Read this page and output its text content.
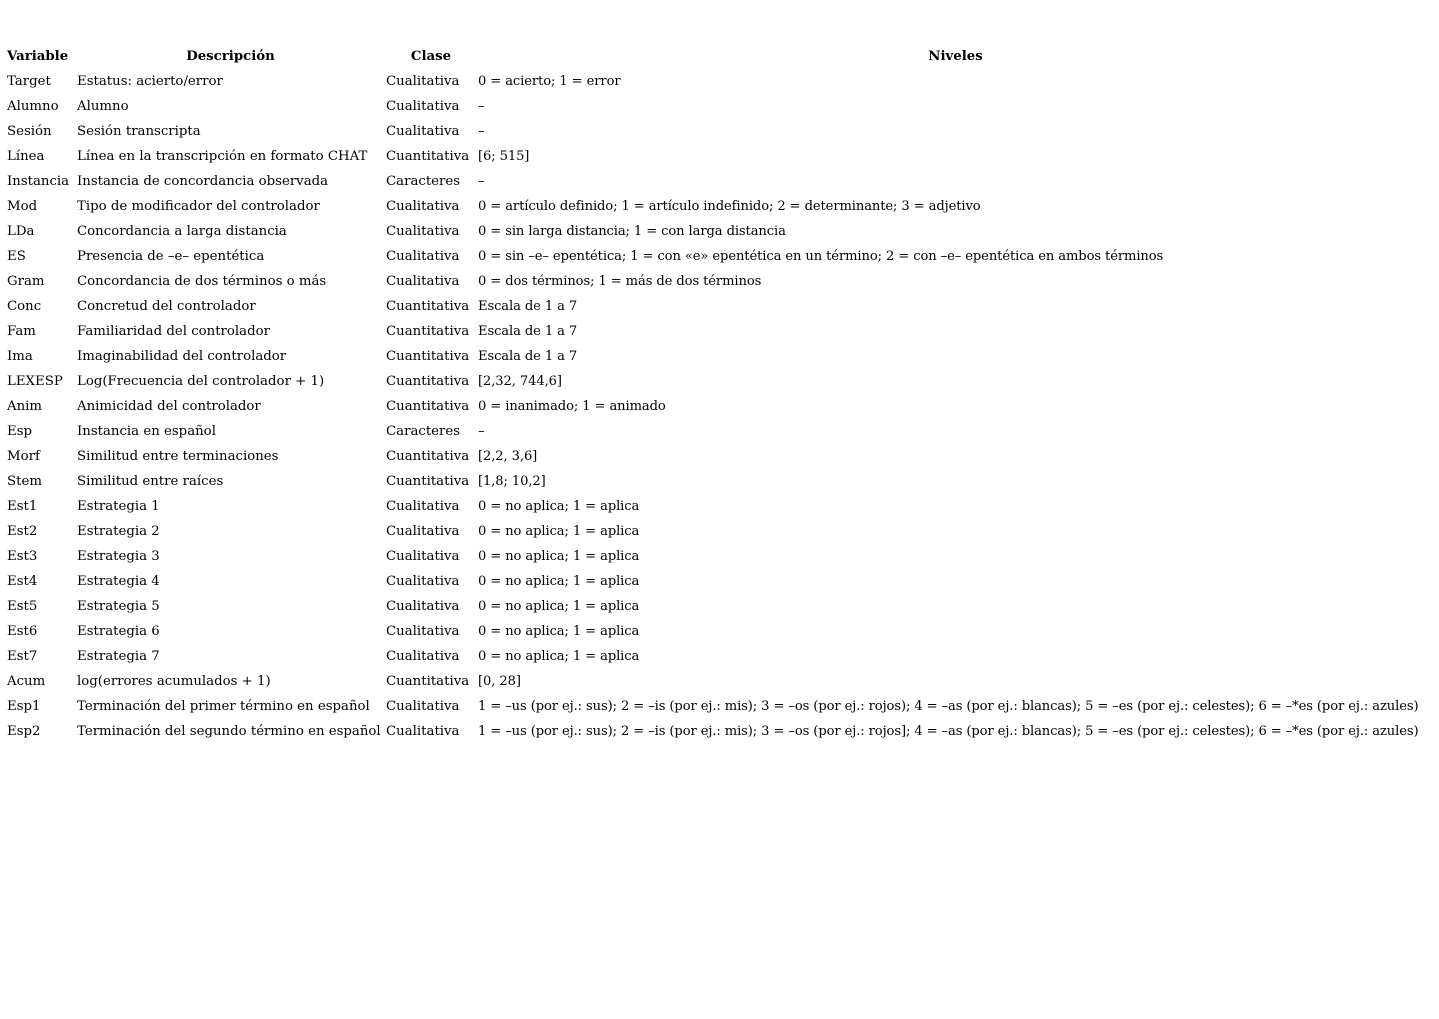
Variable	Descripción	Clase	Niveles
Target	Estatus: acierto/error	Cualitativa	0 = acierto; 1 = error
Alumno	Alumno	Cualitativa	–
Sesión	Sesión transcripta	Cualitativa	–
Línea	Línea en la transcripción en formato CHAT	Cuantitativa	[6; 515]
Instancia	Instancia de concordancia observada	Caracteres	–
Mod	Tipo de modificador del controlador	Cualitativa	0 = artículo definido; 1 = artículo indefinido; 2 = determinante; 3 = adjetivo
LDa	Concordancia a larga distancia	Cualitativa	0 = sin larga distancia; 1 = con larga distancia
ES	Presencia de –e– epentética	Cualitativa	0 = sin –e– epentética; 1 = con «e» epentética en un término; 2 = con –e– epentética en ambos términos
Gram	Concordancia de dos términos o más	Cualitativa	0 = dos términos; 1 = más de dos términos
Conc	Concretud del controlador	Cuantitativa	Escala de 1 a 7
Fam	Familiaridad del controlador	Cuantitativa	Escala de 1 a 7
Ima	Imaginabilidad del controlador	Cuantitativa	Escala de 1 a 7
LEXESP	Log(Frecuencia del controlador + 1)	Cuantitativa	[2,32, 744,6]
Anim	Animicidad del controlador	Cuantitativa	0 = inanimado; 1 = animado
Esp	Instancia en español	Caracteres	–
Morf	Similitud entre terminaciones	Cuantitativa	[2,2, 3,6]
Stem	Similitud entre raíces	Cuantitativa	[1,8; 10,2]
Est1	Estrategia 1	Cualitativa	0 = no aplica; 1 = aplica
Est2	Estrategia 2	Cualitativa	0 = no aplica; 1 = aplica
Est3	Estrategia 3	Cualitativa	0 = no aplica; 1 = aplica
Est4	Estrategia 4	Cualitativa	0 = no aplica; 1 = aplica
Est5	Estrategia 5	Cualitativa	0 = no aplica; 1 = aplica
Est6	Estrategia 6	Cualitativa	0 = no aplica; 1 = aplica
Est7	Estrategia 7	Cualitativa	0 = no aplica; 1 = aplica
Acum	log(errores acumulados + 1)	Cuantitativa	[0, 28]
Esp1	Terminación del primer término en español	Cualitativa	1 = –us (por ej.: sus); 2 = –is (por ej.: mis); 3 = –os (por ej.: rojos); 4 = –as (por ej.: blancas); 5 = –es (por ej.: celestes); 6 = –*es (por ej.: azules)
Esp2	Terminación del segundo término en español	Cualitativa	1 = –us (por ej.: sus); 2 = –is (por ej.: mis); 3 = –os (por ej.: rojos]; 4 = –as (por ej.: blancas); 5 = –es (por ej.: celestes); 6 = –*es (por ej.: azules)
